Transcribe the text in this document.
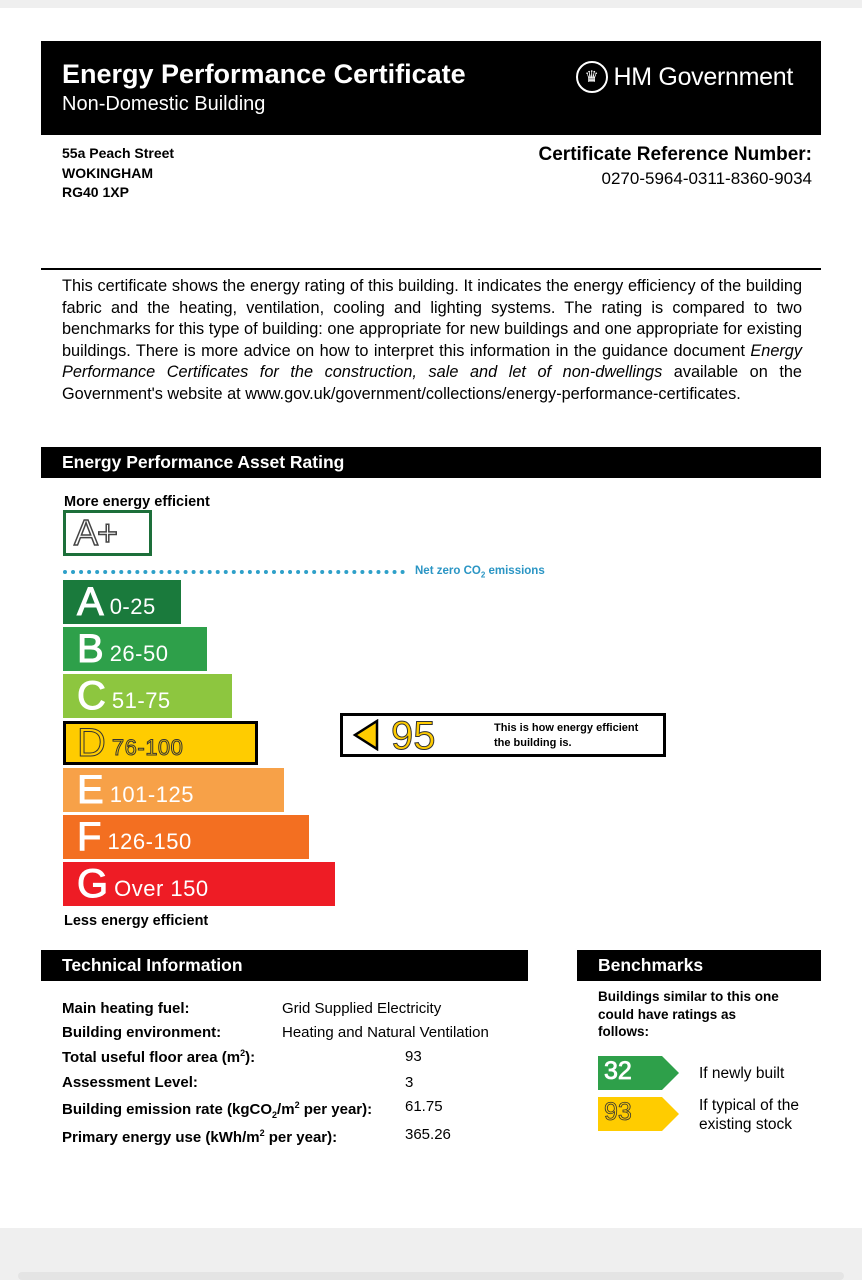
Energy Performance Certificate
Non-Domestic Building
♛ HM Government
55a Peach Street
WOKINGHAM
RG40 1XP
Certificate Reference Number:
0270-5964-0311-8360-9034
This certificate shows the energy rating of this building. It indicates the energy efficiency of the building fabric and the heating, ventilation, cooling and lighting systems. The rating is compared to two benchmarks for this type of building: one appropriate for new buildings and one appropriate for existing buildings. There is more advice on how to interpret this information in the guidance document Energy Performance Certificates for the construction, sale and let of non-dwellings available on the Government's website at www.gov.uk/government/collections/energy-performance-certificates.
Energy Performance Asset Rating
More energy efficient
A+
Net zero $CO_2$ emissions
A 0-25
B 26-50
C 51-75
D 76-100
E 101-125
F 126-150
G Over 150
95	This is how energy efficient
the building is.
Less energy efficient
Technical Information
Main heating fuel:	Grid Supplied Electricity
Building environment:	Heating and Natural Ventilation
Total useful floor area $(m^2)$:	93
Assessment Level:	3
Building emission rate ($kgCO_2/m^2$ per year): 61.75
Primary energy use ($kWh/m^2$ per year):	365.26
Benchmarks
Buildings similar to this one could have ratings as follows:
32	If newly built
93	If typical of the existing stock
